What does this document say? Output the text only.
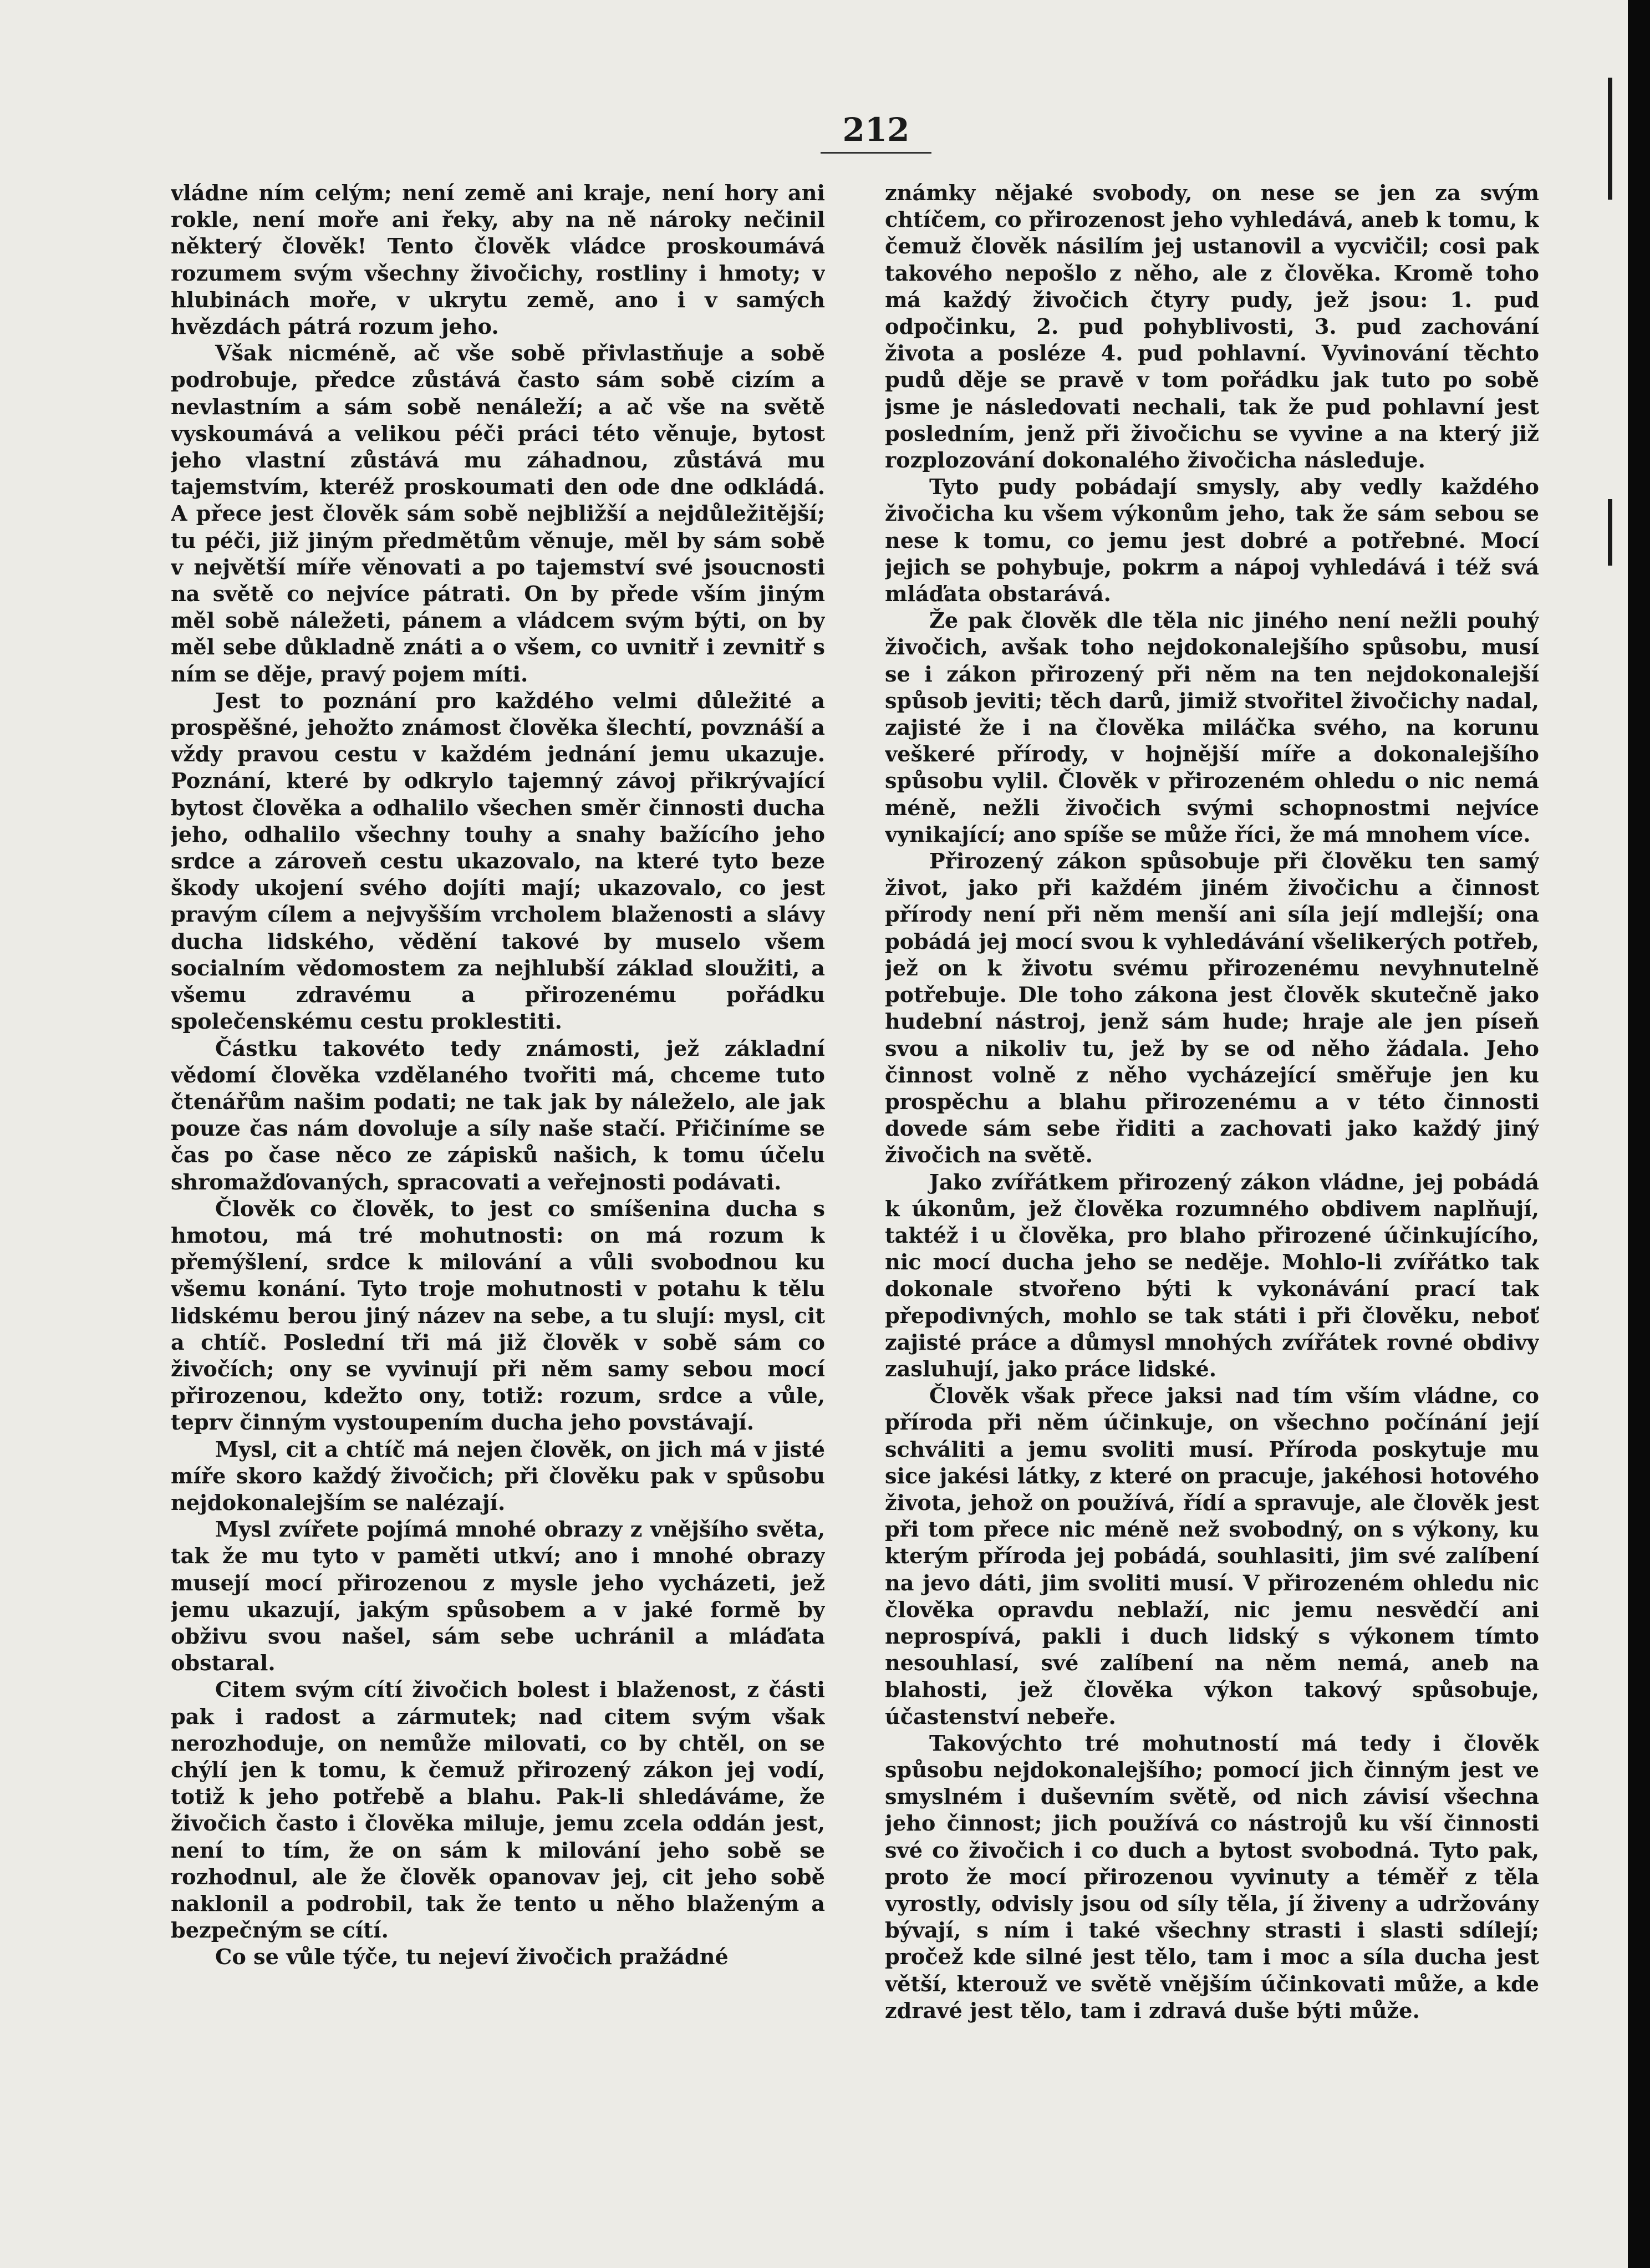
212

vládne ním celým; není země ani kraje, není hory ani rokle, není moře ani řeky, aby na ně nároky nečinil některý člověk! Tento člověk vládce proskoumává rozumem svým všechny živočichy, rostliny i hmoty; v hlubinách moře, v ukrytu země, ano i v samých hvězdách pátrá rozum jeho.

Však nicméně, ač vše sobě přivlastňuje a sobě podrobuje, předce zůstává často sám sobě cizím a nevlastním a sám sobě nenáleží; a ač vše na světě vyskoumává a velikou péči práci této věnuje, bytost jeho vlastní zůstává mu záhadnou, zůstává mu tajemstvím, kteréž proskoumati den ode dne odkládá. A přece jest člověk sám sobě nejbližší a nejdůležitější; tu péči, již jiným předmětům věnuje, měl by sám sobě v největší míře věnovati a po tajemství své jsoucnosti na světě co nejvíce pátrati. On by přede vším jiným měl sobě náležeti, pánem a vládcem svým býti, on by měl sebe důkladně znáti a o všem, co uvnitř i zevnitř s ním se děje, pravý pojem míti.

Jest to poznání pro každého velmi důležité a prospěšné, jehožto známost člověka šlechtí, povznáší a vždy pravou cestu v každém jednání jemu ukazuje. Poznání, které by odkrylo tajemný závoj přikrývající bytost člověka a odhalilo všechen směr činnosti ducha jeho, odhalilo všechny touhy a snahy bažícího jeho srdce a zároveň cestu ukazovalo, na které tyto beze škody ukojení svého dojíti mají; ukazovalo, co jest pravým cílem a nejvyšším vrcholem blaženosti a slávy ducha lidského, vědění takové by muselo všem socialním vědomostem za nejhlubší základ sloužiti, a všemu zdravému a přirozenému pořádku společenskému cestu proklestiti.

Částku takovéto tedy známosti, jež základní vědomí člověka vzdělaného tvořiti má, chceme tuto čtenářům našim podati; ne tak jak by náleželo, ale jak pouze čas nám dovoluje a síly naše stačí. Přičiníme se čas po čase něco ze zápisků našich, k tomu účelu shromažďovaných, spracovati a veřejnosti podávati.

Člověk co člověk, to jest co smíšenina ducha s hmotou, má tré mohutnosti: on má rozum k přemýšlení, srdce k milování a vůli svobodnou ku všemu konání. Tyto troje mohutnosti v potahu k tělu lidskému berou jiný název na sebe, a tu slují: mysl, cit a chtíč. Poslední tři má již člověk v sobě sám co živočích; ony se vyvinují při něm samy sebou mocí přirozenou, kdežto ony, totiž: rozum, srdce a vůle, teprv činným vystoupením ducha jeho povstávají.

Mysl, cit a chtíč má nejen člověk, on jich má v jisté míře skoro každý živočich; při člověku pak v spůsobu nejdokonalejším se nalézají.

Mysl zvířete pojímá mnohé obrazy z vnějšího světa, tak že mu tyto v paměti utkví; ano i mnohé obrazy musejí mocí přirozenou z mysle jeho vycházeti, jež jemu ukazují, jakým spůsobem a v jaké formě by obživu svou našel, sám sebe uchránil a mláďata obstaral.

Citem svým cítí živočich bolest i blaženost, z části pak i radost a zármutek; nad citem svým však nerozhoduje, on nemůže milovati, co by chtěl, on se chýlí jen k tomu, k čemuž přirozený zákon jej vodí, totiž k jeho potřebě a blahu. Pak-li shledáváme, že živočich často i člověka miluje, jemu zcela oddán jest, není to tím, že on sám k milování jeho sobě se rozhodnul, ale že člověk opanovav jej, cit jeho sobě naklonil a podrobil, tak že tento u něho blaženým a bezpečným se cítí.

Co se vůle týče, tu nejeví živočich pražádné

známky nějaké svobody, on nese se jen za svým chtíčem, co přirozenost jeho vyhledává, aneb k tomu, k čemuž člověk násilím jej ustanovil a vycvičil; cosi pak takového nepošlo z něho, ale z člověka. Kromě toho má každý živočich čtyry pudy, jež jsou: 1. pud odpočinku, 2. pud pohyblivosti, 3. pud zachování života a posléze 4. pud pohlavní. Vyvinování těchto pudů děje se pravě v tom pořádku jak tuto po sobě jsme je následovati nechali, tak že pud pohlavní jest posledním, jenž při živočichu se vyvine a na který již rozplozování dokonalého živočicha následuje.

Tyto pudy pobádají smysly, aby vedly každého živočicha ku všem výkonům jeho, tak že sám sebou se nese k tomu, co jemu jest dobré a potřebné. Mocí jejich se pohybuje, pokrm a nápoj vyhledává i též svá mláďata obstarává.

Že pak člověk dle těla nic jiného není nežli pouhý živočich, avšak toho nejdokonalejšího spůsobu, musí se i zákon přirozený při něm na ten nejdokonalejší spůsob jeviti; těch darů, jimiž stvořitel živočichy nadal, zajisté že i na člověka miláčka svého, na korunu veškeré přírody, v hojnější míře a dokonalejšího spůsobu vylil. Člověk v přirozeném ohledu o nic nemá méně, nežli živočich svými schopnostmi nejvíce vynikající; ano spíše se může říci, že má mnohem více.

Přirozený zákon spůsobuje při člověku ten samý život, jako při každém jiném živočichu a činnost přírody není při něm menší ani síla její mdlejší; ona pobádá jej mocí svou k vyhledávání všelikerých potřeb, jež on k životu svému přirozenému nevyhnutelně potřebuje. Dle toho zákona jest člověk skutečně jako hudební nástroj, jenž sám hude; hraje ale jen píseň svou a nikoliv tu, jež by se od něho žádala. Jeho činnost volně z něho vycházející směřuje jen ku prospěchu a blahu přirozenému a v této činnosti dovede sám sebe řiditi a zachovati jako každý jiný živočich na světě.

Jako zvířátkem přirozený zákon vládne, jej pobádá k úkonům, jež člověka rozumného obdivem naplňují, taktéž i u člověka, pro blaho přirozené účinkujícího, nic mocí ducha jeho se neděje. Mohlo-li zvířátko tak dokonale stvořeno býti k vykonávání prací tak přepodivných, mohlo se tak státi i při člověku, neboť zajisté práce a důmysl mnohých zvířátek rovné obdivy zasluhují, jako práce lidské.

Člověk však přece jaksi nad tím vším vládne, co příroda při něm účinkuje, on všechno počínání její schváliti a jemu svoliti musí. Příroda poskytuje mu sice jakési látky, z které on pracuje, jakéhosi hotového života, jehož on používá, řídí a spravuje, ale člověk jest při tom přece nic méně než svobodný, on s výkony, ku kterým příroda jej pobádá, souhlasiti, jim své zalíbení na jevo dáti, jim svoliti musí. V přirozeném ohledu nic člověka opravdu neblaží, nic jemu nesvědčí ani neprospívá, pakli i duch lidský s výkonem tímto nesouhlasí, své zalíbení na něm nemá, aneb na blahosti, jež člověka výkon takový spůsobuje, účastenství nebeře.

Takovýchto tré mohutností má tedy i člověk spůsobu nejdokonalejšího; pomocí jich činným jest ve smyslném i duševním světě, od nich závisí všechna jeho činnost; jich používá co nástrojů ku vší činnosti své co živočich i co duch a bytost svobodná. Tyto pak, proto že mocí přirozenou vyvinuty a téměř z těla vyrostly, odvisly jsou od síly těla, jí živeny a udržovány bývají, s ním i také všechny strasti i slasti sdílejí; pročež kde silné jest tělo, tam i moc a síla ducha jest větší, kterouž ve světě vnějším účinkovati může, a kde zdravé jest tělo, tam i zdravá duše býti může.
